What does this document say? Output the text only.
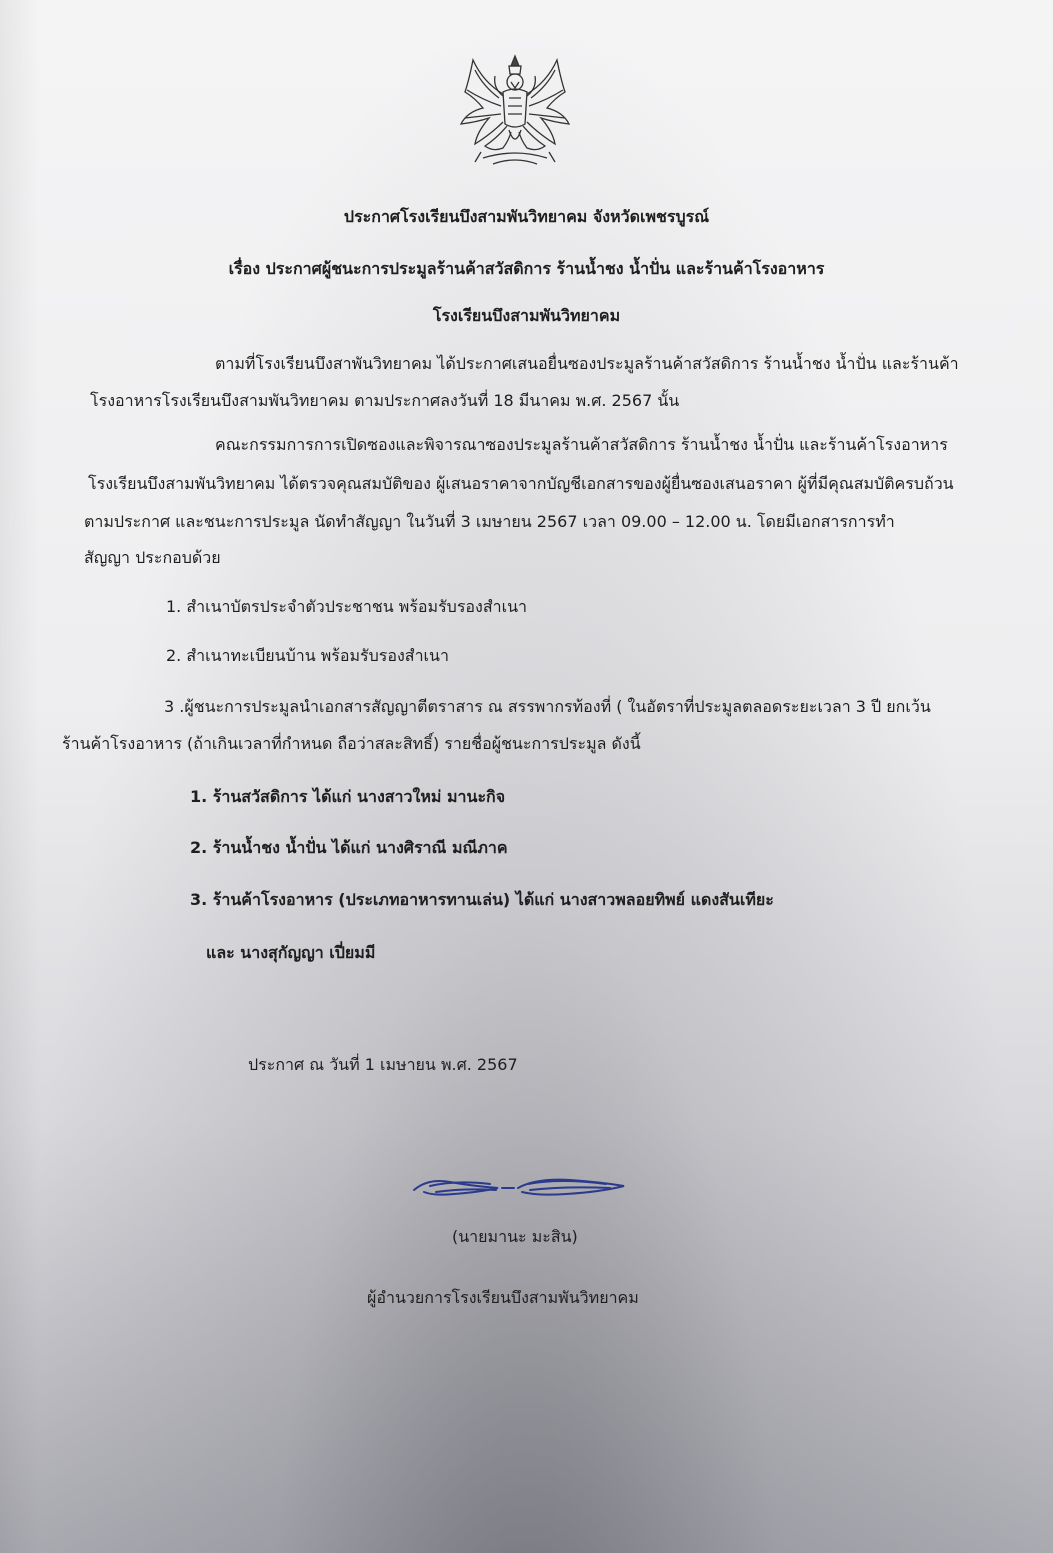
ประกาศโรงเรียนบึงสามพันวิทยาคม จังหวัดเพชรบูรณ์
เรื่อง ประกาศผู้ชนะการประมูลร้านค้าสวัสดิการ ร้านน้ำชง น้ำปั่น และร้านค้าโรงอาหาร
โรงเรียนบึงสามพันวิทยาคม
ตามที่โรงเรียนบึงสาพันวิทยาคม ได้ประกาศเสนอยื่นซองประมูลร้านค้าสวัสดิการ ร้านน้ำชง น้ำปั่น และร้านค้า
โรงอาหารโรงเรียนบึงสามพันวิทยาคม ตามประกาศลงวันที่ 18 มีนาคม พ.ศ. 2567 นั้น
คณะกรรมการการเปิดซองและพิจารณาซองประมูลร้านค้าสวัสดิการ ร้านน้ำชง น้ำปั่น และร้านค้าโรงอาหาร
โรงเรียนบึงสามพันวิทยาคม ได้ตรวจคุณสมบัติของ ผู้เสนอราคาจากบัญชีเอกสารของผู้ยื่นซองเสนอราคา ผู้ที่มีคุณสมบัติครบถ้วน
ตามประกาศ และชนะการประมูล นัดทำสัญญา ในวันที่ 3 เมษายน 2567 เวลา 09.00 – 12.00 น. โดยมีเอกสารการทำ
สัญญา ประกอบด้วย
1. สำเนาบัตรประจำตัวประชาชน พร้อมรับรองสำเนา
2. สำเนาทะเบียนบ้าน พร้อมรับรองสำเนา
3 .ผู้ชนะการประมูลนำเอกสารสัญญาตีตราสาร ณ สรรพากรท้องที่ ( ในอัตราที่ประมูลตลอดระยะเวลา 3 ปี ยกเว้น
ร้านค้าโรงอาหาร (ถ้าเกินเวลาที่กำหนด ถือว่าสละสิทธิ์) รายชื่อผู้ชนะการประมูล ดังนี้
1. ร้านสวัสดิการ ได้แก่ นางสาวใหม่ มานะกิจ
2. ร้านน้ำชง น้ำปั่น ได้แก่ นางศิราณี มณีภาค
3. ร้านค้าโรงอาหาร (ประเภทอาหารทานเล่น) ได้แก่ นางสาวพลอยทิพย์ แดงสันเทียะ
และ นางสุกัญญา เปี่ยมมี
ประกาศ ณ วันที่ 1 เมษายน พ.ศ. 2567
(นายมานะ มะสิน)
ผู้อำนวยการโรงเรียนบึงสามพันวิทยาคม
